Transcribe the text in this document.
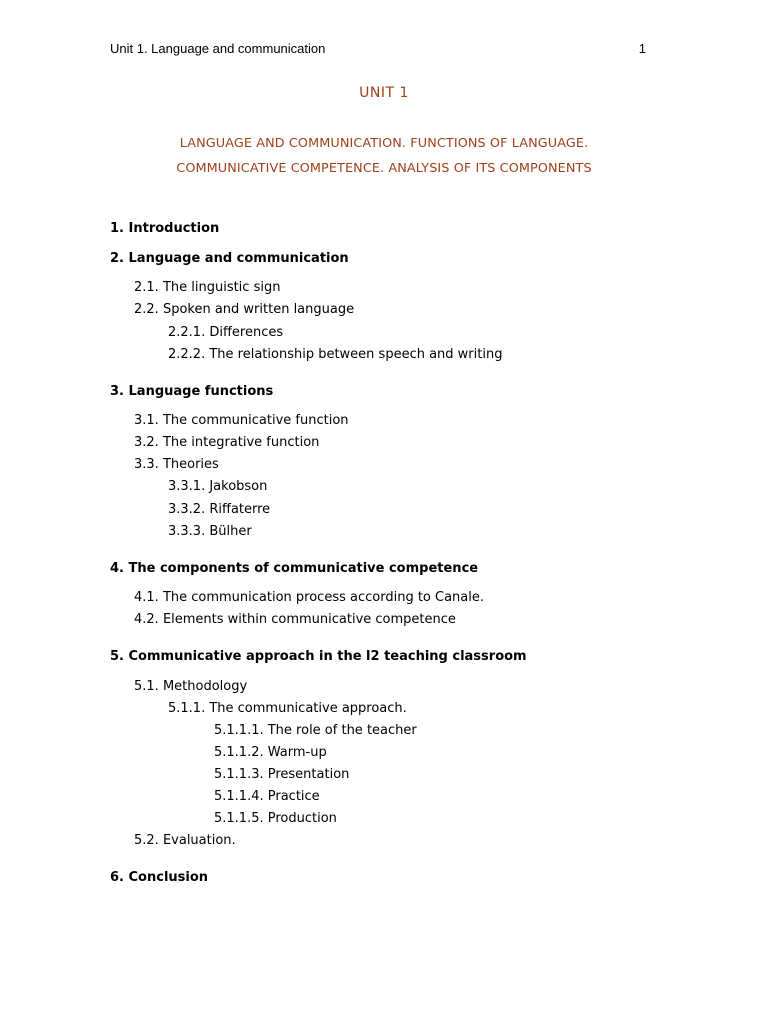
Unit 1. Language and communication	1
UNIT 1
LANGUAGE AND COMMUNICATION. FUNCTIONS OF LANGUAGE.
COMMUNICATIVE COMPETENCE. ANALYSIS OF ITS COMPONENTS
1. Introduction
2. Language and communication
2.1. The linguistic sign
2.2. Spoken and written language
2.2.1. Differences
2.2.2. The relationship between speech and writing
3. Language functions
3.1. The communicative function
3.2. The integrative function
3.3. Theories
3.3.1. Jakobson
3.3.2. Riffaterre
3.3.3. Bülher
4. The components of communicative competence
4.1. The communication process according to Canale.
4.2. Elements within communicative competence
5. Communicative approach in the l2 teaching classroom
5.1. Methodology
5.1.1. The communicative approach.
5.1.1.1. The role of the teacher
5.1.1.2. Warm-up
5.1.1.3. Presentation
5.1.1.4. Practice
5.1.1.5. Production
5.2. Evaluation.
6. Conclusion
